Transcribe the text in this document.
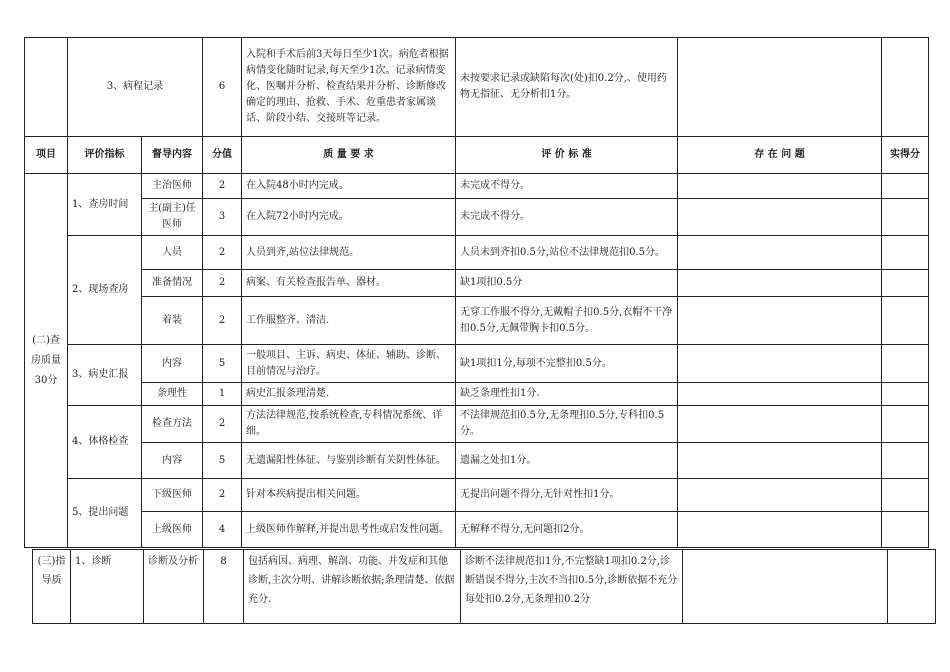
	3、病程记录		6	入院和手术后前3天每日至少1次。病危者根据病情变化随时记录,每天至少1次。记录病情变化、医嘱并分析、检查结果并分析、诊断修改确定的理由、抢救、手术、危重患者家属谈话、阶段小结、交接班等记录。	未按要求记录或缺陷每次(处)扣0.2分,、使用药物无指征、无分析扣1分。		
项目	评价指标	督导内容	分值	质 量 要 求	评 价 标 准	存 在 问 题	实得分
(二)查房质量30分	1、查房时间	主治医师	2	在入院48小时内完成。	未完成不得分。		
		主(副主)任医师	3	在入院72小时内完成。	未完成不得分。		
	2、现场查房	人员	2	人员到齐,站位法律规范。	人员未到齐扣0.5分,站位不法律规范扣0.5分。		
		准备情况	2	病案、有关检查报告单、器材。	缺1项扣0.5分		
		着装	2	工作服整齐、清洁.	无穿工作服不得分,无戴帽子扣0.5分,衣帽不干净扣0.5分,无佩带胸卡扣0.5分。		
	3、病史汇报	内容	5	一般项目、主诉、病史、体征、辅助、诊断、目前情况与治疗。	缺1项扣1分,每项不完整扣0.5分。		
		条理性	1	病史汇报条理清楚.	缺乏条理性扣1分.		
	4、体格检查	检查方法	2	方法法律规范,按系统检查,专科情况系统、详细。	不法律规范扣0.5分,无条理扣0.5分,专科扣0.5分。		
		内容	5	无遗漏阳性体征、与鉴别诊断有关阴性体征。	遗漏之处扣1分。		
	5、提出问题	下级医师	2	针对本疾病提出相关问题。	无提出问题不得分,无针对性扣1分。		
		上级医师	4	上级医师作解释,并提出思考性或启发性问题。	无解释不得分,无问题扣2分。		
(三)指导质	1、诊断	诊断及分析	8	包括病因、病理、解剖、功能、并发症和其他诊断,主次分明、讲解诊断依据;条理清楚、依据充分.	诊断不法律规范扣1分,不完整缺1项扣0.2分,诊断错误不得分,主次不当扣0.5分,诊断依据不充分每处扣0.2分,无条理扣0.2分		
